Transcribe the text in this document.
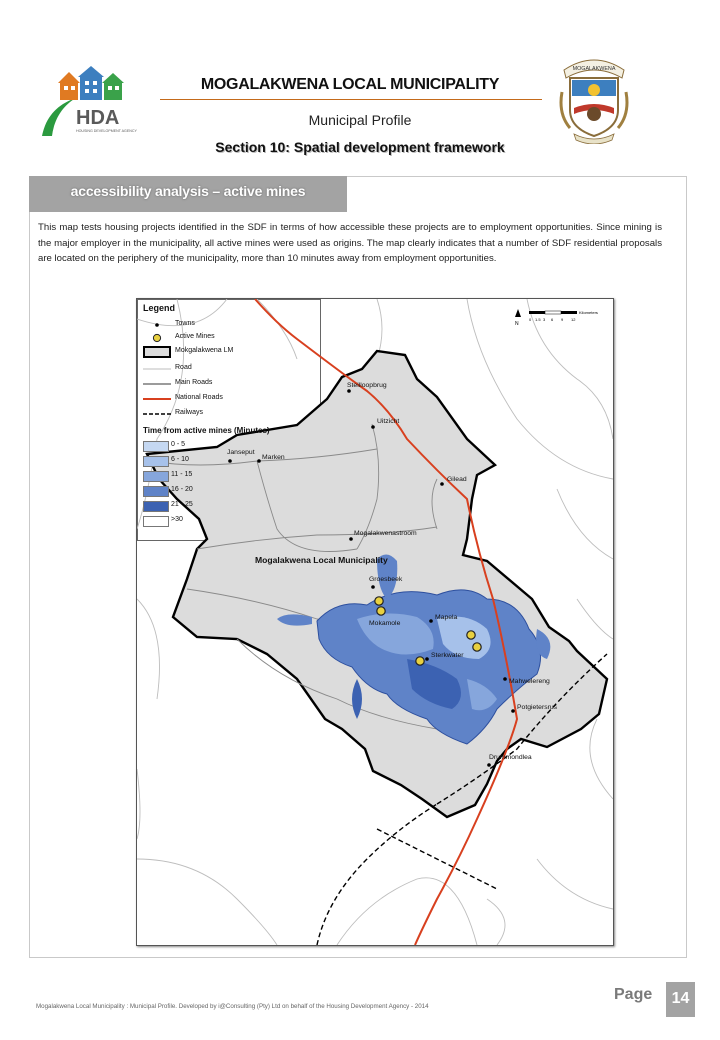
HDA
HOUSING DEVELOPMENT AGENCY
MOGALAKWENA LOCAL MUNICIPALITY
Municipal Profile
Section 10: Spatial development framework
MOGALAKWENA
accessibility analysis – active mines
This map tests housing projects identified in the SDF in terms of how accessible these projects are to employment opportunities. Since mining is the major employer in the municipality, all active mines were used as origins. The map clearly indicates that a number of SDF residential proposals are located on the periphery of the municipality, more than 10 minutes away from employment opportunities.
Steilloopbrug
Uitzicht
Janseput
Marken
Gilead
Mogalakwenastroom
Groesbeek
Mokamole
Mapela
Sterkwater
Mahwelereng
Potgietersrus
Drummondlea
Mogalakwena Local Municipality
N
0 1.5 3 6 9 12
Kilometers
Legend
Towns
Active Mines
Mokgalakwena LM
Road
Main Roads
National Roads
Railways
Time from active mines (Minutes)
0 - 5
6 - 10
11 - 15
16 - 20
21 - 25
>30
Mogalakwena Local Municipality : Municipal Profile. Developed by i@Consulting (Pty) Ltd on behalf of the Housing Development Agency - 2014
Page	14
